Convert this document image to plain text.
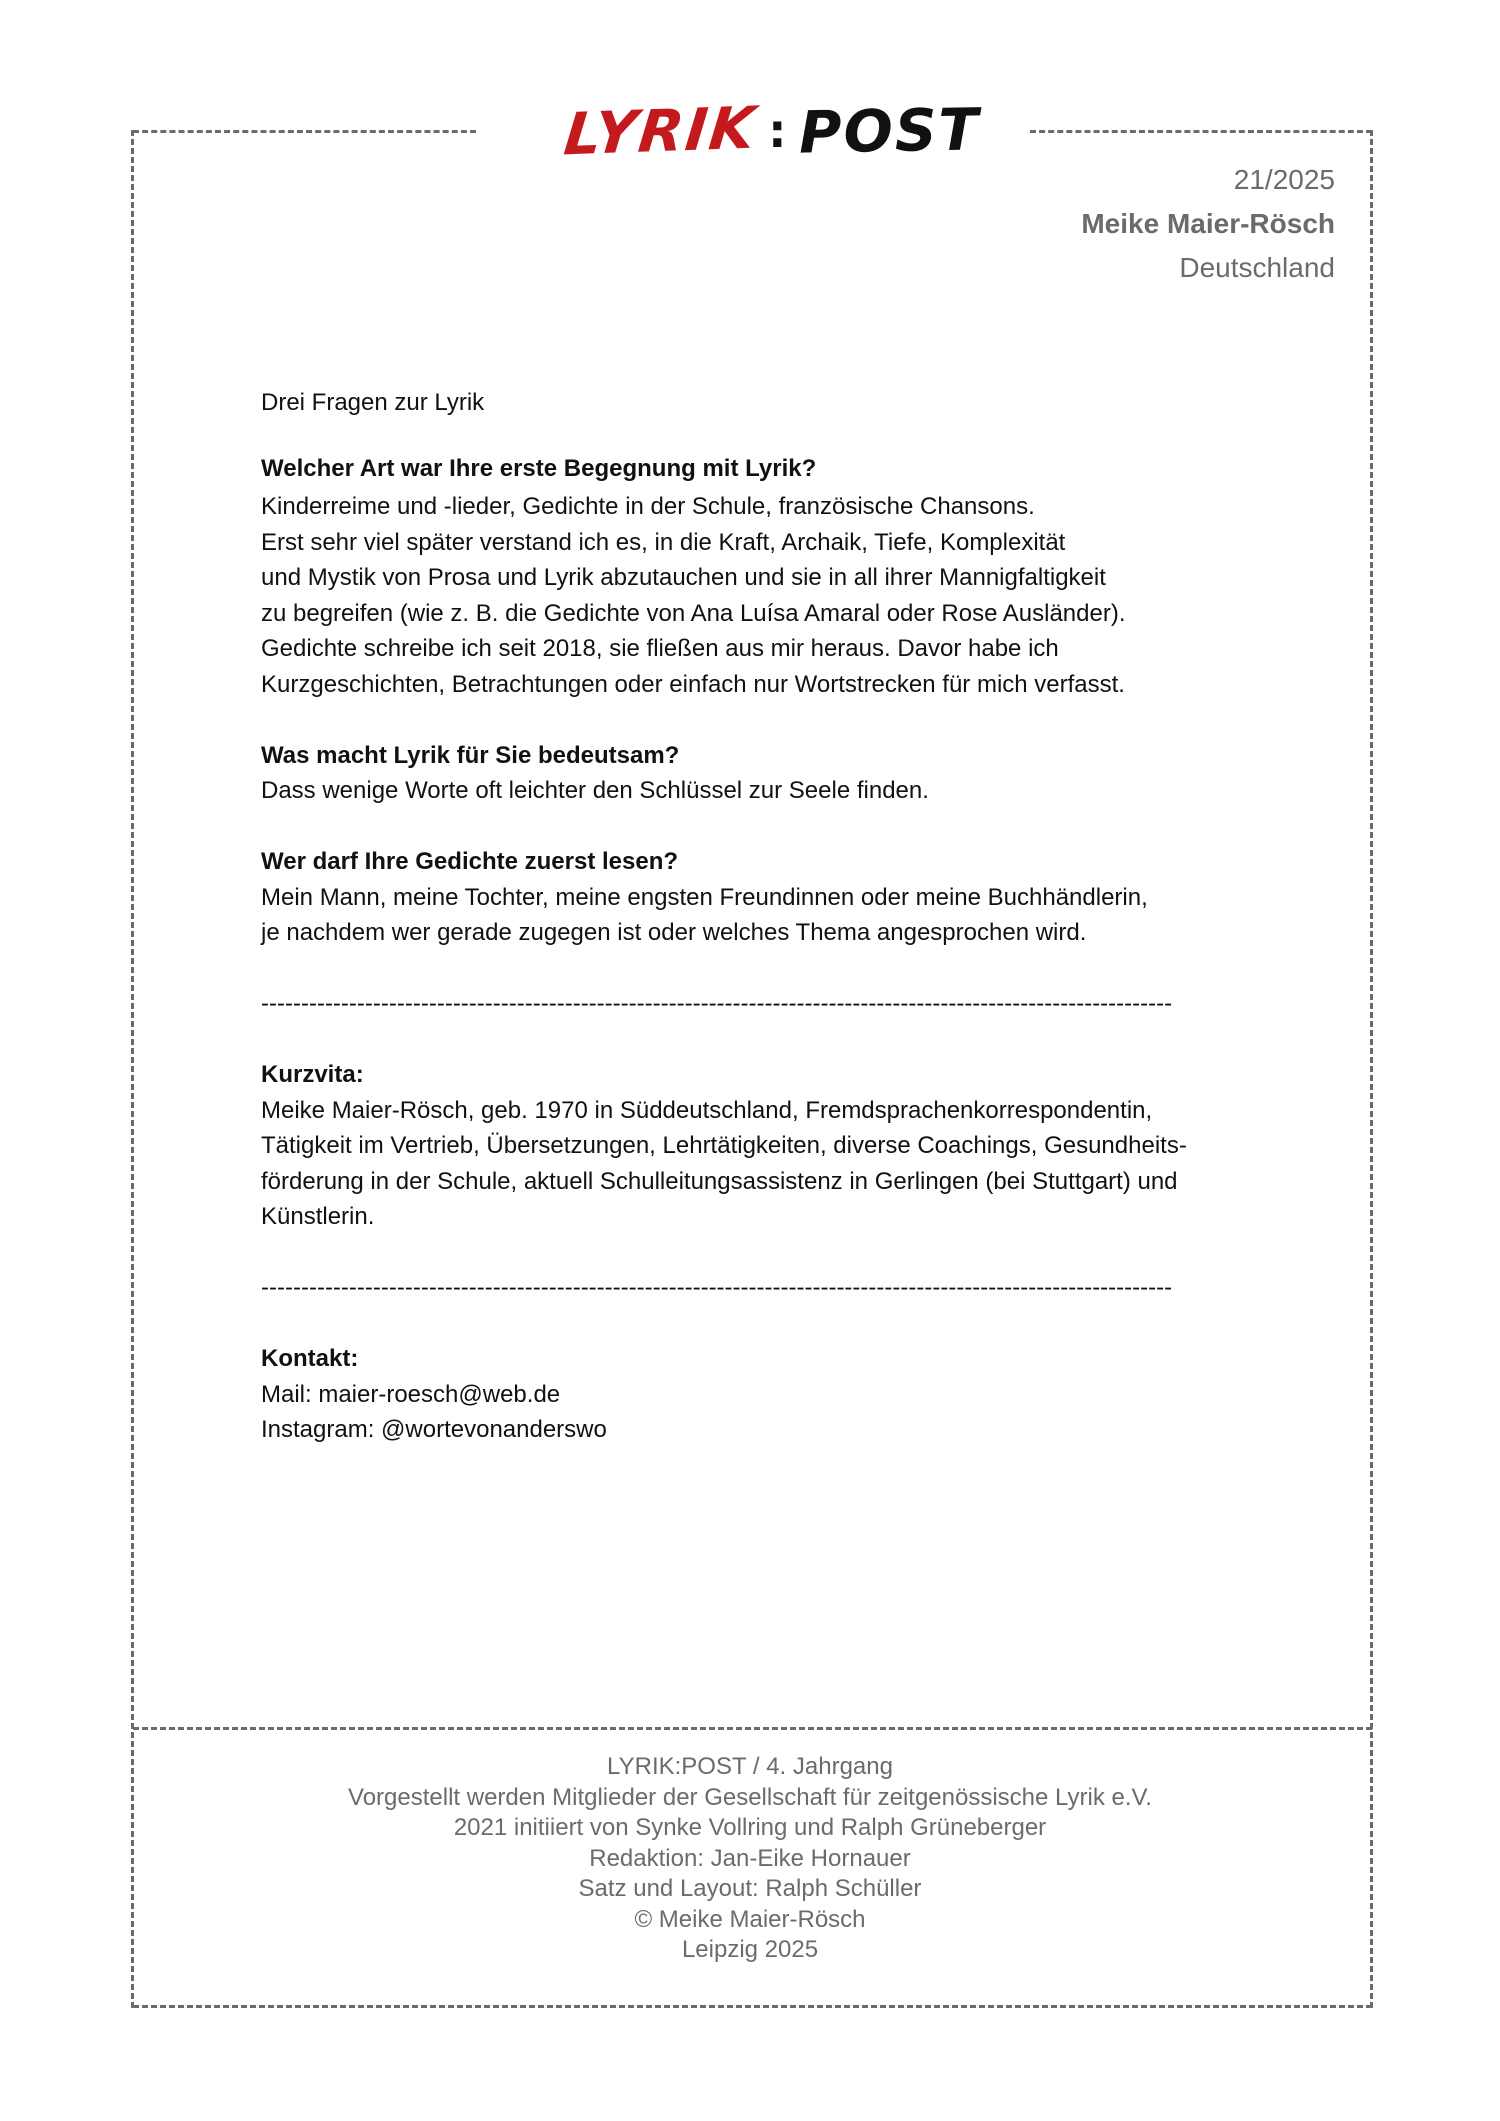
LYRIK : POST
21/2025
Meike Maier-Rösch
Deutschland

Drei Fragen zur Lyrik

Welcher Art war Ihre erste Begegnung mit Lyrik?

Kinderreime und -lieder, Gedichte in der Schule, französische Chansons.

Erst sehr viel später verstand ich es, in die Kraft, Archaik, Tiefe, Komplexität

und Mystik von Prosa und Lyrik abzutauchen und sie in all ihrer Mannigfaltigkeit

zu begreifen (wie z. B. die Gedichte von Ana Luísa Amaral oder Rose Ausländer).

Gedichte schreibe ich seit 2018, sie fließen aus mir heraus. Davor habe ich

Kurzgeschichten, Betrachtungen oder einfach nur Wortstrecken für mich verfasst.

Was macht Lyrik für Sie bedeutsam?

Dass wenige Worte oft leichter den Schlüssel zur Seele finden.

Wer darf Ihre Gedichte zuerst lesen?

Mein Mann, meine Tochter, meine engsten Freundinnen oder meine Buchhändlerin,

je nachdem wer gerade zugegen ist oder welches Thema angesprochen wird.

------------------------------------------------------------------------------------------------------------------

Kurzvita:

Meike Maier-Rösch, geb. 1970 in Süddeutschland, Fremdsprachenkorrespondentin,

Tätigkeit im Vertrieb, Übersetzungen, Lehrtätigkeiten, diverse Coachings, Gesundheits-

förderung in der Schule, aktuell Schulleitungsassistenz in Gerlingen (bei Stuttgart) und

Künstlerin.

------------------------------------------------------------------------------------------------------------------

Kontakt:

Mail: maier-roesch@web.de

Instagram: @wortevonanderswo

LYRIK:POST / 4. Jahrgang
Vorgestellt werden Mitglieder der Gesellschaft für zeitgenössische Lyrik e.V.
2021 initiiert von Synke Vollring und Ralph Grüneberger
Redaktion: Jan-Eike Hornauer
Satz und Layout: Ralph Schüller
© Meike Maier-Rösch
Leipzig 2025
